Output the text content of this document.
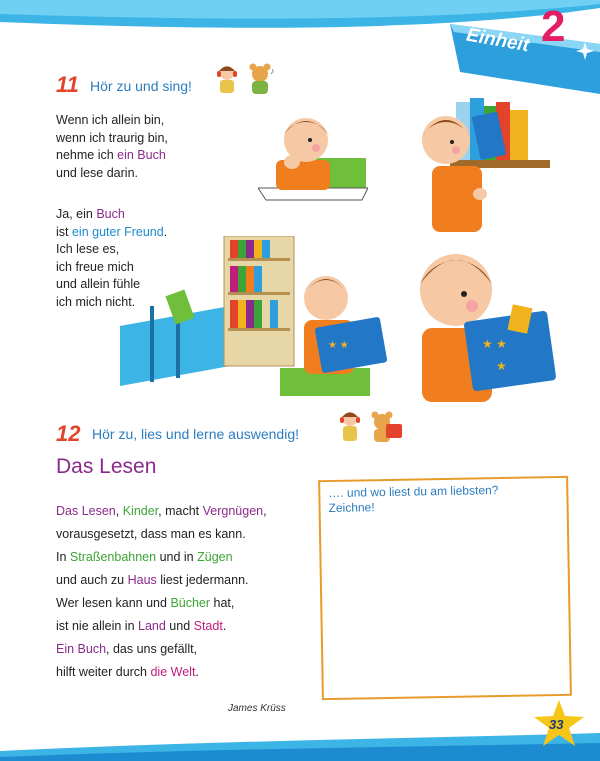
Einheit 2
11 Hör zu und sing!
♪
Wenn ich allein bin,
wenn ich traurig bin,
nehme ich ein Buch
und lese darin.
Ja, ein Buch
ist ein guter Freund.
Ich lese es,
ich freue mich
und allein fühle
ich mich nicht.
★ ★	★ ★
★
12 Hör zu, lies und lerne auswendig!
Das Lesen
Das Lesen, Kinder, macht Vergnügen,
vorausgesetzt, dass man es kann.
In Straßenbahnen und in Zügen
und auch zu Haus liest jedermann.
Wer lesen kann und Bücher hat,
ist nie allein in Land und Stadt.
Ein Buch, das uns gefällt,
hilft weiter durch die Welt.
James Krüss
…. und wo liest du am liebsten? Zeichne!
33
